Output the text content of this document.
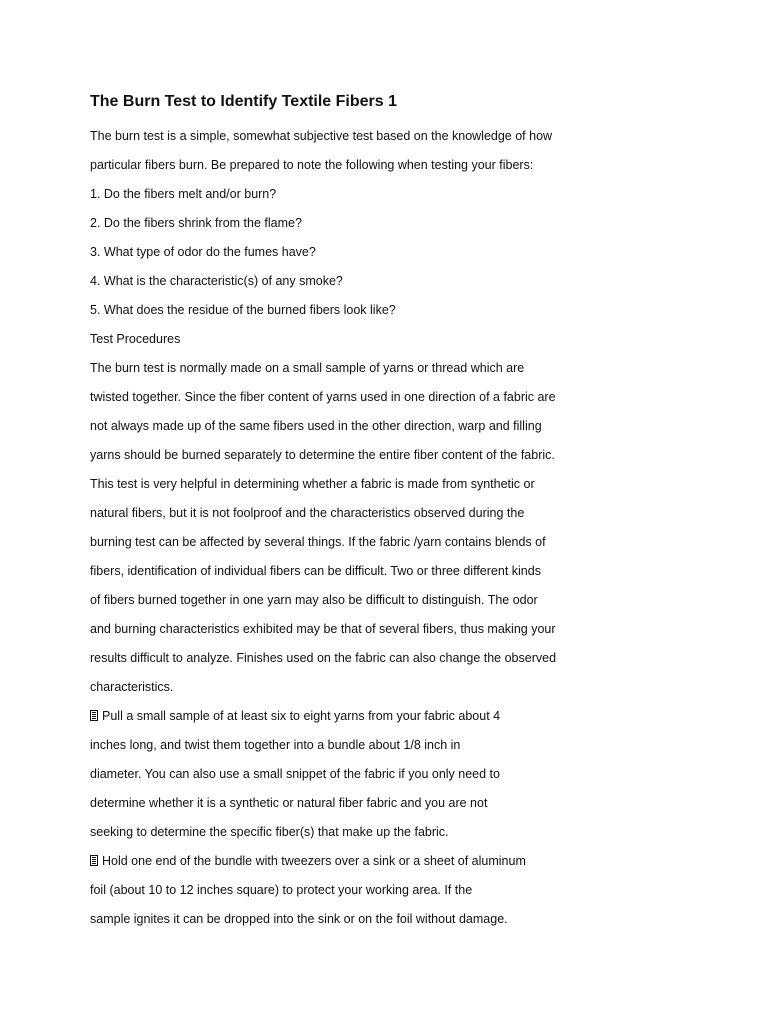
The Burn Test to Identify Textile Fibers 1

The burn test is a simple, somewhat subjective test based on the knowledge of how

particular fibers burn. Be prepared to note the following when testing your fibers:

1. Do the fibers melt and/or burn?

2. Do the fibers shrink from the flame?

3. What type of odor do the fumes have?

4. What is the characteristic(s) of any smoke?

5. What does the residue of the burned fibers look like?

Test Procedures

The burn test is normally made on a small sample of yarns or thread which are

twisted together. Since the fiber content of yarns used in one direction of a fabric are

not always made up of the same fibers used in the other direction, warp and filling

yarns should be burned separately to determine the entire fiber content of the fabric.

This test is very helpful in determining whether a fabric is made from synthetic or

natural fibers, but it is not foolproof and the characteristics observed during the

burning test can be affected by several things. If the fabric /yarn contains blends of

fibers, identification of individual fibers can be difficult. Two or three different kinds

of fibers burned together in one yarn may also be difficult to distinguish. The odor

and burning characteristics exhibited may be that of several fibers, thus making your

results difficult to analyze. Finishes used on the fabric can also change the observed

characteristics.

Pull a small sample of at least six to eight yarns from your fabric about 4

inches long, and twist them together into a bundle about 1/8 inch in

diameter. You can also use a small snippet of the fabric if you only need to

determine whether it is a synthetic or natural fiber fabric and you are not

seeking to determine the specific fiber(s) that make up the fabric.

Hold one end of the bundle with tweezers over a sink or a sheet of aluminum

foil (about 10 to 12 inches square) to protect your working area. If the

sample ignites it can be dropped into the sink or on the foil without damage.
